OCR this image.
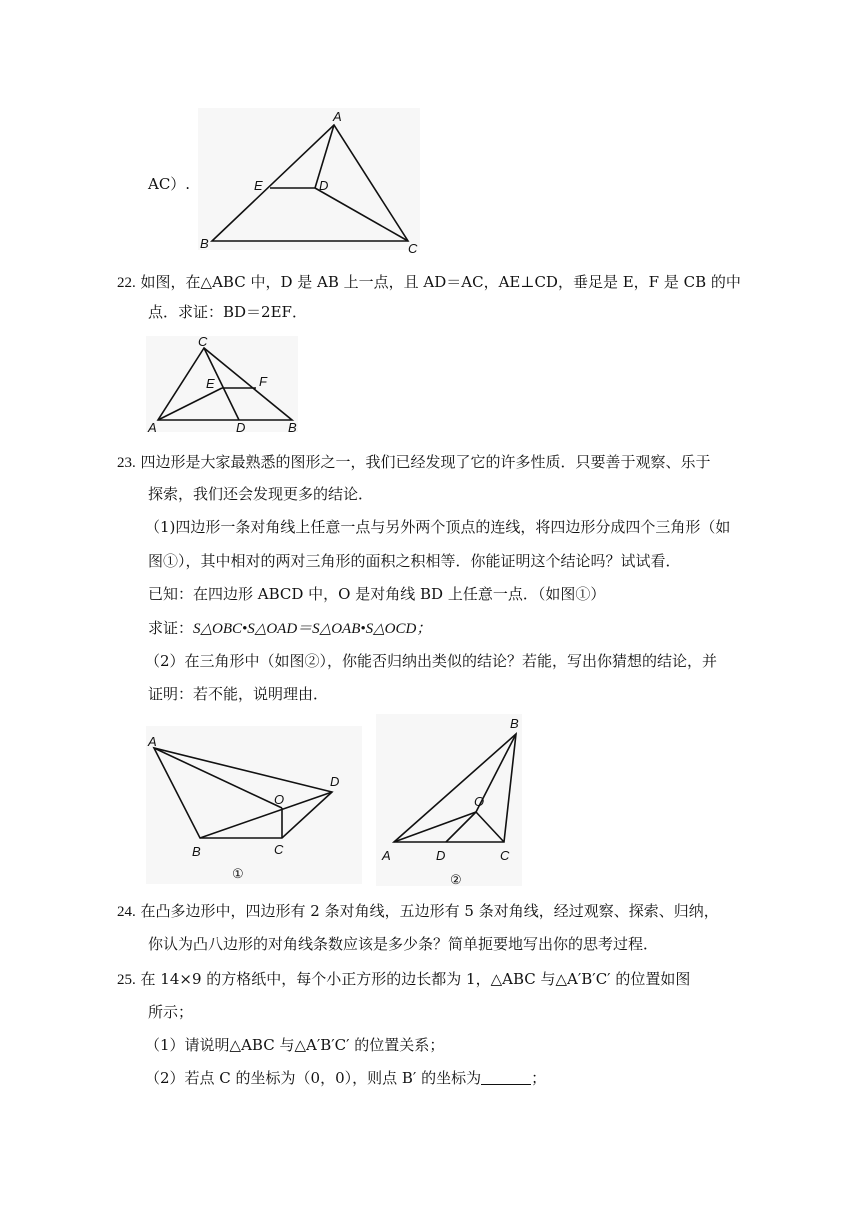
A
B	C
D
E
AC）.
22. 如图，在△ABC 中，D 是 AB 上一点，且 AD＝AC，AE⊥CD，垂足是 E，F 是 CB 的中
点．求证：BD＝2EF．
C
A	D	B
E	F
23. 四边形是大家最熟悉的图形之一，我们已经发现了它的许多性质．只要善于观察、乐于
探索，我们还会发现更多的结论．
（1)四边形一条对角线上任意一点与另外两个顶点的连线，将四边形分成四个三角形（如
图①），其中相对的两对三角形的面积之积相等．你能证明这个结论吗？试试看．
已知：在四边形 ABCD 中，O 是对角线 BD 上任意一点．（如图①）
求证：S△OBC•S△OAD＝S△OAB•S△OCD；
（2）在三角形中（如图②），你能否归纳出类似的结论？若能，写出你猜想的结论，并
证明：若不能，说明理由．
A
B	C
D
O
①
B
A	D	C
O
②
24. 在凸多边形中，四边形有 2 条对角线，五边形有 5 条对角线，经过观察、探索、归纳，
你认为凸八边形的对角线条数应该是多少条？简单扼要地写出你的思考过程．
25. 在 14×9 的方格纸中，每个小正方形的边长都为 1，△ABC 与△A′B′C′ 的位置如图
所示；
（1）请说明△ABC 与△A′B′C′ 的位置关系；
（2）若点 C 的坐标为（0，0），则点 B′ 的坐标为	；
